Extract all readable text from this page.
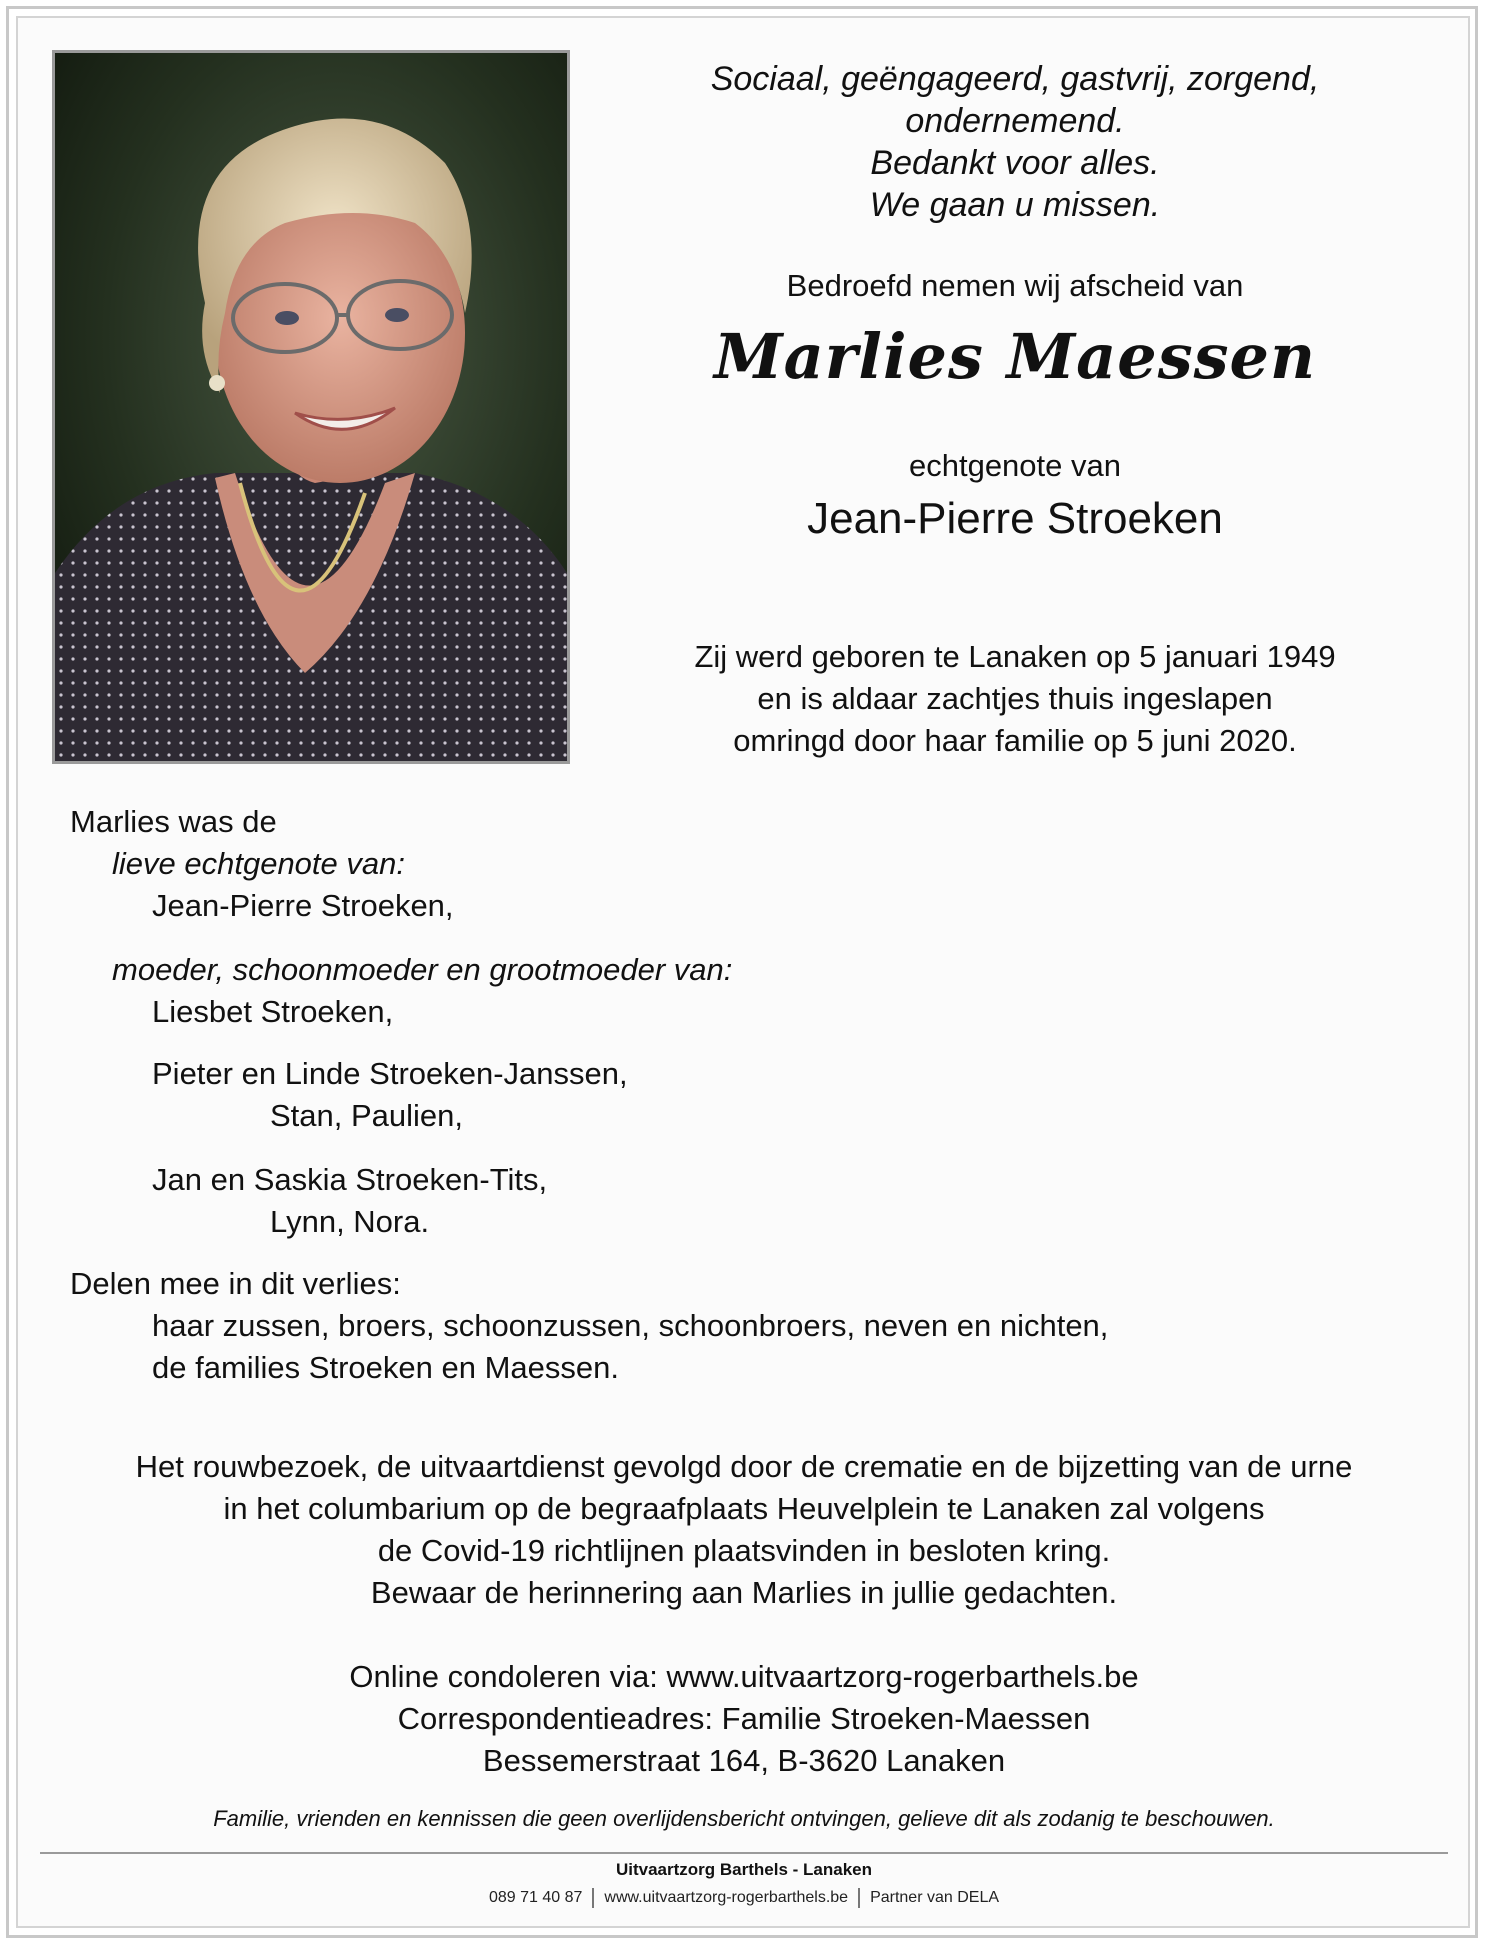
Sociaal, geëngageerd, gastvrij, zorgend, ondernemend.
Bedankt voor alles.
We gaan u missen.
Bedroefd nemen wij afscheid van
Marlies Maessen
echtgenote van
Jean-Pierre Stroeken
Zij werd geboren te Lanaken op 5 januari 1949
en is aldaar zachtjes thuis ingeslapen
omringd door haar familie op 5 juni 2020.
Marlies was de
lieve echtgenote van:
Jean-Pierre Stroeken,
moeder, schoonmoeder en grootmoeder van:
Liesbet Stroeken,
Pieter en Linde Stroeken-Janssen,
Stan, Paulien,
Jan en Saskia Stroeken-Tits,
Lynn, Nora.
Delen mee in dit verlies:
haar zussen, broers, schoonzussen, schoonbroers, neven en nichten,
de families Stroeken en Maessen.
Het rouwbezoek, de uitvaartdienst gevolgd door de crematie en de bijzetting van de urne
in het columbarium op de begraafplaats Heuvelplein te Lanaken zal volgens
de Covid-19 richtlijnen plaatsvinden in besloten kring.
Bewaar de herinnering aan Marlies in jullie gedachten.
Online condoleren via: www.uitvaartzorg-rogerbarthels.be
Correspondentieadres: Familie Stroeken-Maessen
Bessemerstraat 164, B-3620 Lanaken
Familie, vrienden en kennissen die geen overlijdensbericht ontvingen, gelieve dit als zodanig te beschouwen.
Uitvaartzorg Barthels - Lanaken
089 71 40 87 www.uitvaartzorg-rogerbarthels.be Partner van DELA
